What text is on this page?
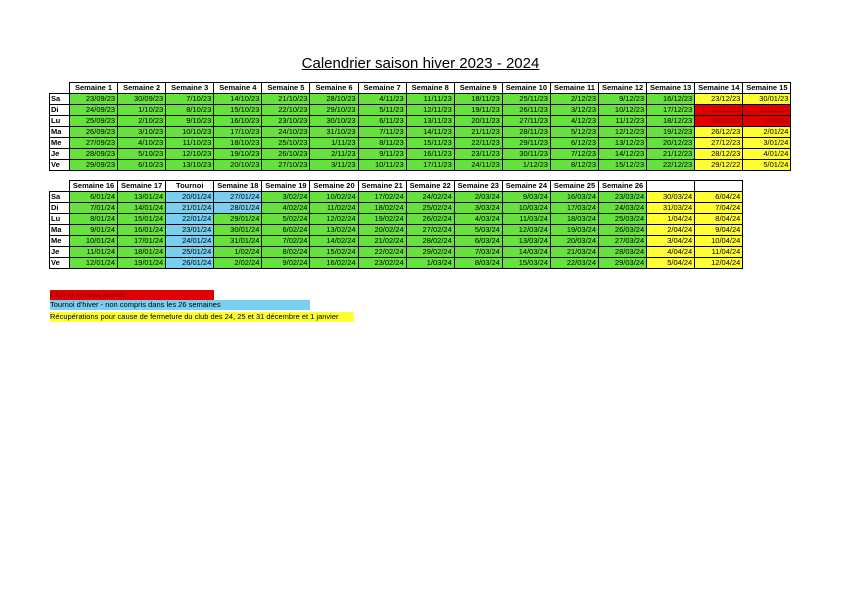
Calendrier saison hiver 2023 - 2024
	Semaine 1	Semaine 2	Semaine 3	Semaine 4	Semaine 5	Semaine 6	Semaine 7	Semaine 8	Semaine 9	Semaine 10	Semaine 11	Semaine 12	Semaine 13	Semaine 14	Semaine 15
Sa	23/09/23	30/09/23	7/10/23	14/10/23	21/10/23	28/10/23	4/11/23	11/11/23	18/11/23	25/11/23	2/12/23	9/12/23	16/12/23	23/12/23	30/01/23
Di	24/09/23	1/10/23	8/10/23	15/10/23	22/10/23	29/10/23	5/11/23	12/11/23	19/11/23	26/11/23	3/12/23	10/12/23	17/12/23	24/12/23	31/12/23
Lu	25/09/23	2/10/23	9/10/23	16/10/23	23/10/23	30/10/23	6/11/23	13/11/23	20/11/23	27/11/23	4/12/23	11/12/23	18/12/23	25/12/23	1/01/24
Ma	26/09/23	3/10/23	10/10/23	17/10/23	24/10/23	31/10/23	7/11/23	14/11/23	21/11/23	28/11/23	5/12/23	12/12/23	19/12/23	26/12/23	2/01/24
Me	27/09/23	4/10/23	11/10/23	18/10/23	25/10/23	1/11/23	8/11/23	15/11/23	22/11/23	29/11/23	6/12/23	13/12/23	20/12/23	27/12/23	3/01/24
Je	28/09/23	5/10/23	12/10/23	19/10/23	26/10/23	2/11/23	9/11/23	16/11/23	23/11/23	30/11/23	7/12/23	14/12/23	21/12/23	28/12/23	4/01/24
Ve	29/09/23	6/10/23	13/10/23	20/10/23	27/10/23	3/11/23	10/11/23	17/11/23	24/11/23	1/12/23	8/12/23	15/12/23	22/12/23	29/12/22	5/01/24
	Semaine 16	Semaine 17	Tournoi	Semaine 18	Semaine 19	Semaine 20	Semaine 21	Semaine 22	Semaine 23	Semaine 24	Semaine 25	Semaine 26		
Sa	6/01/24	13/01/24	20/01/24	27/01/24	3/02/24	10/02/24	17/02/24	24/02/24	2/03/24	9/03/24	16/03/24	23/03/24	30/03/24	6/04/24
Di	7/01/24	14/01/24	21/01/24	28/01/24	4/02/24	11/02/24	18/02/24	25/02/24	3/03/24	10/03/24	17/03/24	24/03/24	31/03/24	7/04/24
Lu	8/01/24	15/01/24	22/01/24	29/01/24	5/02/24	12/02/24	19/02/24	26/02/24	4/03/24	11/03/24	18/03/24	25/03/24	1/04/24	8/04/24
Ma	9/01/24	16/01/24	23/01/24	30/01/24	6/02/24	13/02/24	20/02/24	27/02/24	5/03/24	12/03/24	19/03/24	26/03/24	2/04/24	9/04/24
Me	10/01/24	17/01/24	24/01/24	31/01/24	7/02/24	14/02/24	21/02/24	28/02/24	6/03/24	13/03/24	20/03/24	27/03/24	3/04/24	10/04/24
Je	11/01/24	18/01/24	25/01/24	1/02/24	8/02/24	15/02/24	22/02/24	29/02/24	7/03/24	14/03/24	21/03/24	28/03/24	4/04/24	11/04/24
Ve	12/01/24	19/01/24	26/01/24	2/02/24	9/02/24	16/02/24	23/02/24	1/03/24	8/03/24	15/03/24	22/03/24	29/03/24	5/04/24	12/04/24
Club et terrains fermés
Tournoi d'hiver - non compris dans les 26 semaines
Récupérations pour cause de fermeture du club des 24, 25 et 31 décembre et 1 janvier
